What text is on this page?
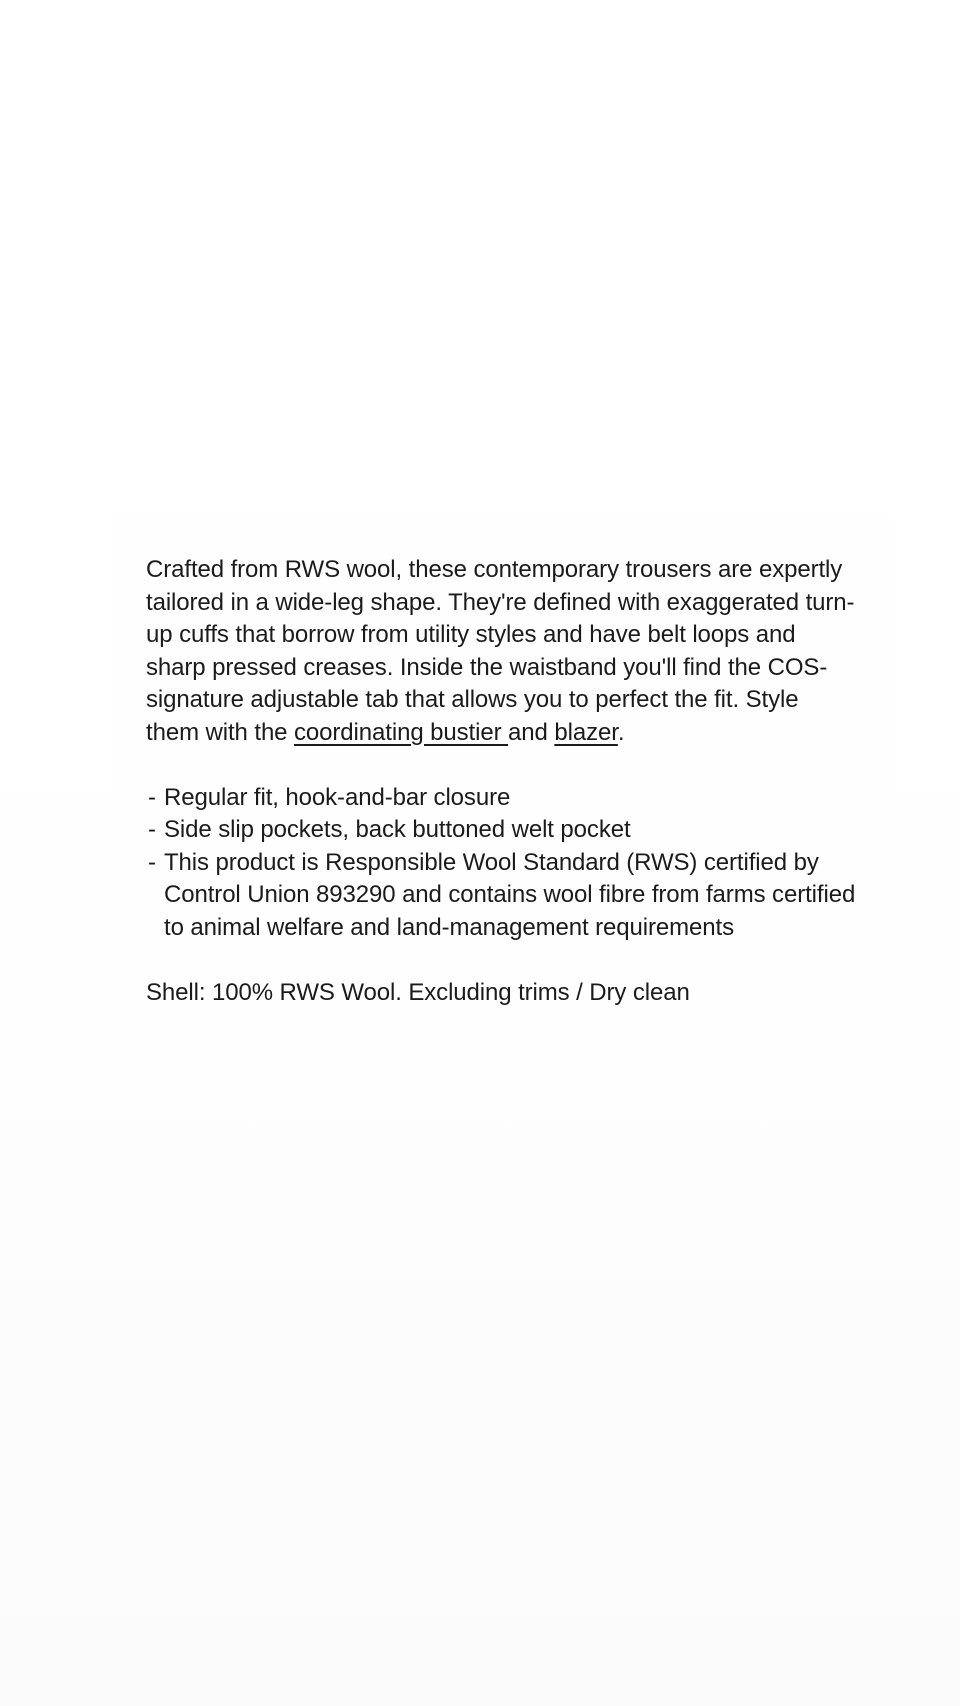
Crafted from RWS wool, these contemporary trousers are expertly tailored in a wide-leg shape. They're defined with exaggerated turn-up cuffs that borrow from utility styles and have belt loops and sharp pressed creases. Inside the waistband you'll find the COS-signature adjustable tab that allows you to perfect the fit. Style them with the coordinating bustier and blazer.

- Regular fit, hook-and-bar closure
- Side slip pockets, back buttoned welt pocket
- This product is Responsible Wool Standard (RWS) certified by Control Union 893290 and contains wool fibre from farms certified to animal welfare and land-management requirements

Shell: 100% RWS Wool. Excluding trims / Dry clean
